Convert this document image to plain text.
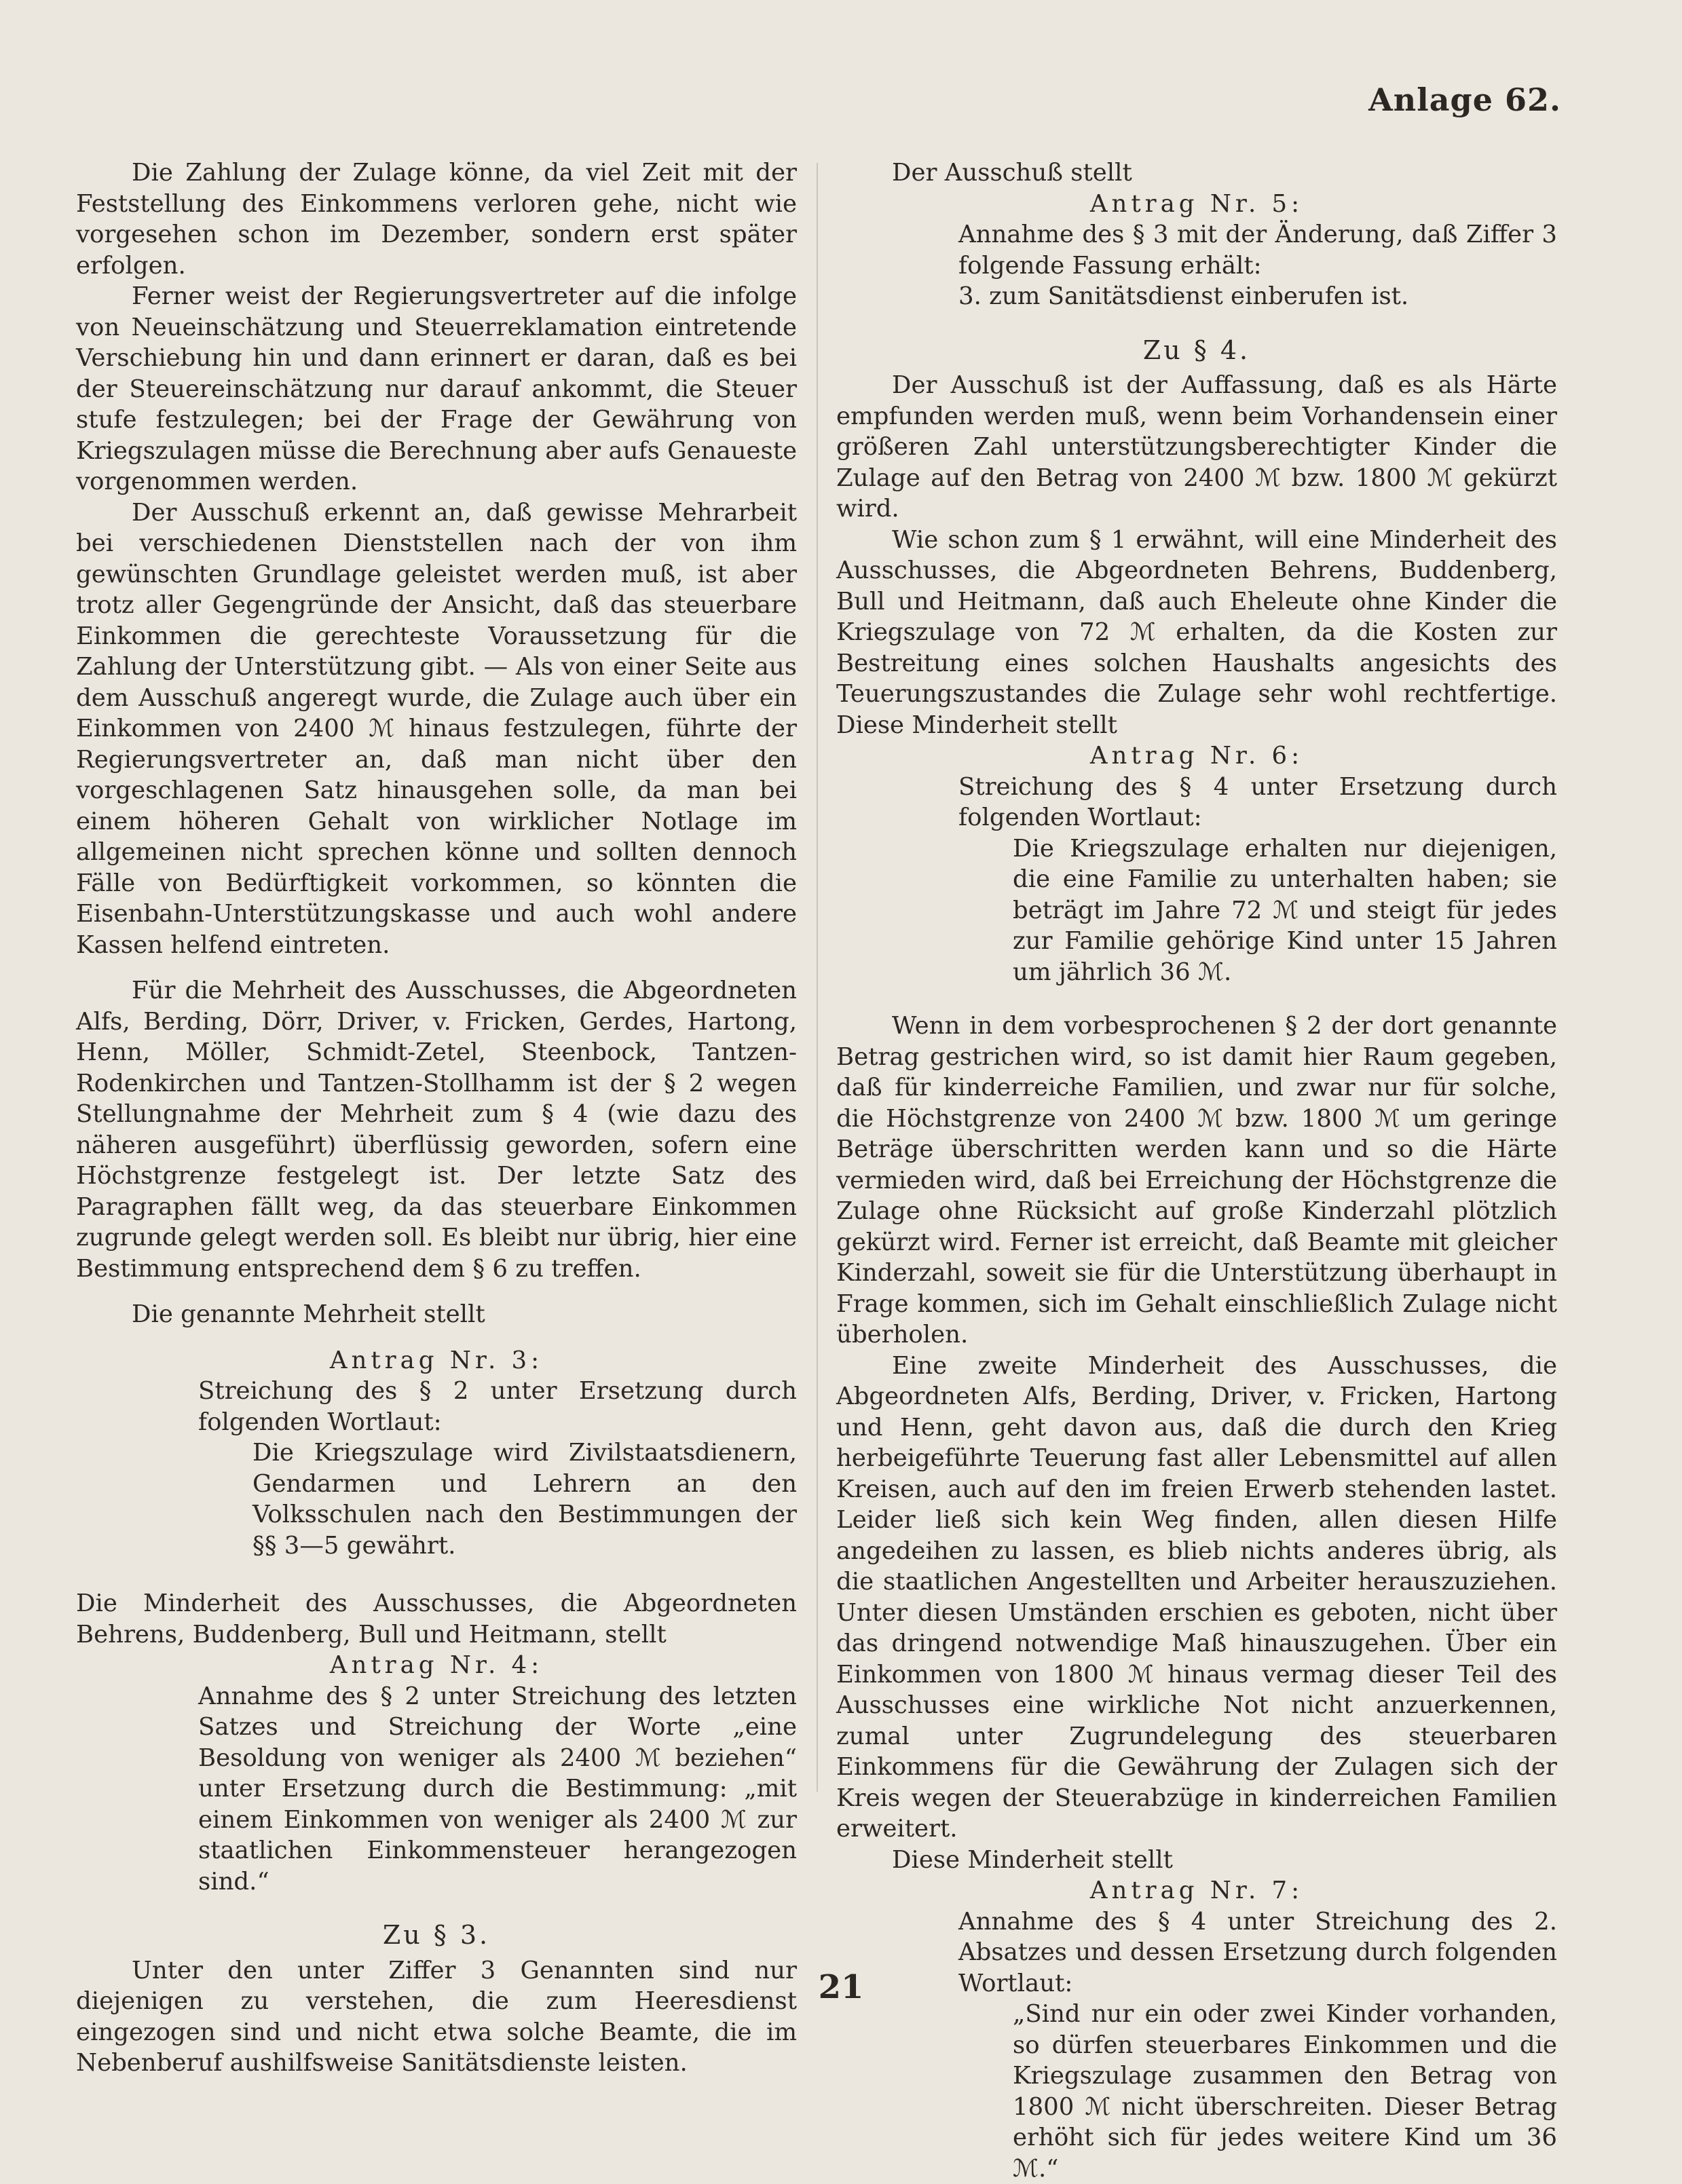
Anlage 62.

Die Zahlung der Zulage könne, da viel Zeit mit der Feststellung des Einkommens verloren gehe, nicht wie vorgesehen schon im Dezember, sondern erst später erfolgen.

Ferner weist der Regierungsvertreter auf die infolge von Neueinschätzung und Steuerreklamation eintretende Verschiebung hin und dann erinnert er daran, daß es bei der Steuereinschätzung nur darauf ankommt, die Steuer stufe festzulegen; bei der Frage der Gewährung von Kriegszulagen müsse die Berechnung aber aufs Genaueste vorgenommen werden.

Der Ausschuß erkennt an, daß gewisse Mehrarbeit bei verschiedenen Dienststellen nach der von ihm gewünschten Grundlage geleistet werden muß, ist aber trotz aller Gegengründe der Ansicht, daß das steuerbare Einkommen die gerechteste Voraussetzung für die Zahlung der Unterstützung gibt. — Als von einer Seite aus dem Ausschuß angeregt wurde, die Zulage auch über ein Einkommen von 2400 ℳ hinaus festzulegen, führte der Regierungsvertreter an, daß man nicht über den vorgeschlagenen Satz hinausgehen solle, da man bei einem höheren Gehalt von wirklicher Notlage im allgemeinen nicht sprechen könne und sollten dennoch Fälle von Bedürftigkeit vorkommen, so könnten die Eisenbahn-Unterstützungskasse und auch wohl andere Kassen helfend eintreten.

Für die Mehrheit des Ausschusses, die Abgeordneten Alfs, Berding, Dörr, Driver, v. Fricken, Gerdes, Hartong, Henn, Möller, Schmidt-Zetel, Steenbock, Tantzen-Rodenkirchen und Tantzen-Stollhamm ist der § 2 wegen Stellungnahme der Mehrheit zum § 4 (wie dazu des näheren ausgeführt) überflüssig geworden, sofern eine Höchstgrenze festgelegt ist. Der letzte Satz des Paragraphen fällt weg, da das steuerbare Einkommen zugrunde gelegt werden soll. Es bleibt nur übrig, hier eine Bestimmung entsprechend dem § 6 zu treffen.

Die genannte Mehrheit stellt

Antrag Nr. 3:

Streichung des § 2 unter Ersetzung durch folgenden Wortlaut:

Die Kriegszulage wird Zivilstaatsdienern, Gendarmen und Lehrern an den Volksschulen nach den Bestimmungen der §§ 3—5 gewährt.

Die Minderheit des Ausschusses, die Abgeordneten Behrens, Buddenberg, Bull und Heitmann, stellt

Antrag Nr. 4:

Annahme des § 2 unter Streichung des letzten Satzes und Streichung der Worte „eine Besoldung von weniger als 2400 ℳ beziehen“ unter Ersetzung durch die Bestimmung: „mit einem Einkommen von weniger als 2400 ℳ zur staatlichen Einkommensteuer herangezogen sind.“

Zu § 3.

Unter den unter Ziffer 3 Genannten sind nur diejenigen zu verstehen, die zum Heeresdienst eingezogen sind und nicht etwa solche Beamte, die im Nebenberuf aushilfsweise Sanitätsdienste leisten.

Der Ausschuß stellt

Antrag Nr. 5:

Annahme des § 3 mit der Änderung, daß Ziffer 3 folgende Fassung erhält:

3. zum Sanitätsdienst einberufen ist.

Zu § 4.

Der Ausschuß ist der Auffassung, daß es als Härte empfunden werden muß, wenn beim Vorhandensein einer größeren Zahl unterstützungsberechtigter Kinder die Zulage auf den Betrag von 2400 ℳ bzw. 1800 ℳ gekürzt wird.

Wie schon zum § 1 erwähnt, will eine Minderheit des Ausschusses, die Abgeordneten Behrens, Buddenberg, Bull und Heitmann, daß auch Eheleute ohne Kinder die Kriegszulage von 72 ℳ erhalten, da die Kosten zur Bestreitung eines solchen Haushalts angesichts des Teuerungszustandes die Zulage sehr wohl rechtfertige. Diese Minderheit stellt

Antrag Nr. 6:

Streichung des § 4 unter Ersetzung durch folgenden Wortlaut:

Die Kriegszulage erhalten nur diejenigen, die eine Familie zu unterhalten haben; sie beträgt im Jahre 72 ℳ und steigt für jedes zur Familie gehörige Kind unter 15 Jahren um jährlich 36 ℳ.

Wenn in dem vorbesprochenen § 2 der dort genannte Betrag gestrichen wird, so ist damit hier Raum gegeben, daß für kinderreiche Familien, und zwar nur für solche, die Höchstgrenze von 2400 ℳ bzw. 1800 ℳ um geringe Beträge überschritten werden kann und so die Härte vermieden wird, daß bei Erreichung der Höchstgrenze die Zulage ohne Rücksicht auf große Kinderzahl plötzlich gekürzt wird. Ferner ist erreicht, daß Beamte mit gleicher Kinderzahl, soweit sie für die Unterstützung überhaupt in Frage kommen, sich im Gehalt einschließlich Zulage nicht überholen.

Eine zweite Minderheit des Ausschusses, die Abgeordneten Alfs, Berding, Driver, v. Fricken, Hartong und Henn, geht davon aus, daß die durch den Krieg herbeigeführte Teuerung fast aller Lebensmittel auf allen Kreisen, auch auf den im freien Erwerb stehenden lastet. Leider ließ sich kein Weg finden, allen diesen Hilfe angedeihen zu lassen, es blieb nichts anderes übrig, als die staatlichen Angestellten und Arbeiter herauszuziehen. Unter diesen Umständen erschien es geboten, nicht über das dringend notwendige Maß hinauszugehen. Über ein Einkommen von 1800 ℳ hinaus vermag dieser Teil des Ausschusses eine wirkliche Not nicht anzuerkennen, zumal unter Zugrundelegung des steuerbaren Einkommens für die Gewährung der Zulagen sich der Kreis wegen der Steuerabzüge in kinderreichen Familien erweitert.

Diese Minderheit stellt

Antrag Nr. 7:

Annahme des § 4 unter Streichung des 2. Absatzes und dessen Ersetzung durch folgenden Wortlaut:

„Sind nur ein oder zwei Kinder vorhanden, so dürfen steuerbares Einkommen und die Kriegszulage zusammen den Betrag von 1800 ℳ nicht überschreiten. Dieser Betrag erhöht sich für jedes weitere Kind um 36 ℳ.“

21
